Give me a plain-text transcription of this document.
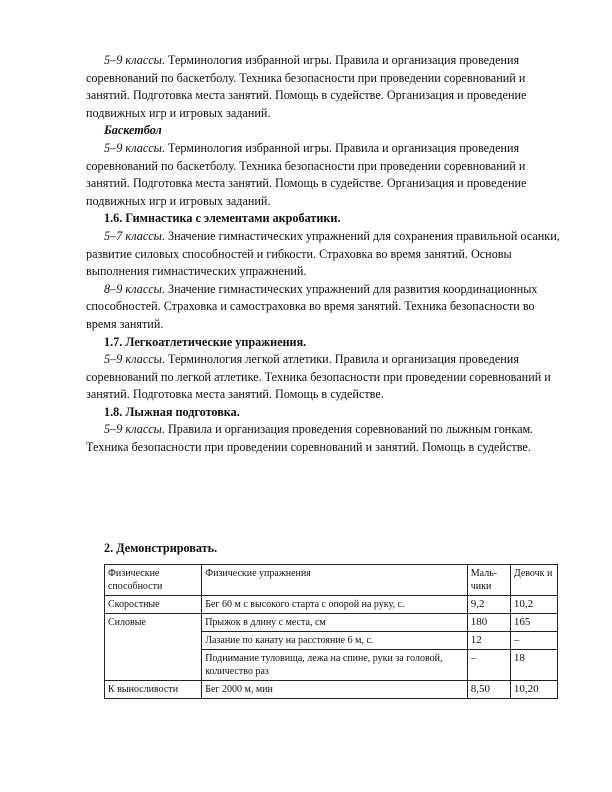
5–9 классы. Терминология избранной игры. Правила и организация проведения соревнований по баскетболу. Техника безопасности при проведении соревнований и занятий. Подготовка места занятий. Помощь в судействе. Организация и проведение подвижных игр и игровых заданий.

Баскетбол

5–9 классы. Терминология избранной игры. Правила и организация проведения соревнований по баскетболу. Техника безопасности при проведении соревнований и занятий. Подготовка места занятий. Помощь в судействе. Организация и проведение подвижных игр и игровых заданий.

1.6. Гимнастика с элементами акробатики.

5–7 классы. Значение гимнастических упражнений для сохранения правильной осанки, развитие силовых способностей и гибкости. Страховка во время занятий. Основы выполнения гимнастических упражнений.

8–9 классы. Значение гимнастических упражнений для развития координационных способностей. Страховка и самостраховка во время занятий. Техника безопасности во время занятий.

1.7. Легкоатлетические упражнения.

5–9 классы. Терминология легкой атлетики. Правила и организация проведения соревнований по легкой атлетике. Техника безопасности при проведении соревнований и занятий. Подготовка места занятий. Помощь в судействе.

1.8. Лыжная подготовка.

5–9 классы. Правила и организация проведения соревнований по лыжным гонкам. Техника безопасности при проведении соревнований и занятий. Помощь в судействе.

2. Демонстрировать.
Физические способности	Физические упражнения	Маль-чики	Девочк и
Скоростные	Бег 60 м с высокого старта с опорой на руку, с.	9,2	10,2
Силовые	Прыжок в длину с места, см	180	165
	Лазание по канату на расстояние 6 м, с.	12	–
	Поднимание туловища, лежа на спине, руки за головой, количество раз	–	18
К выносливости	Бег 2000 м, мин	8,50	10,20
